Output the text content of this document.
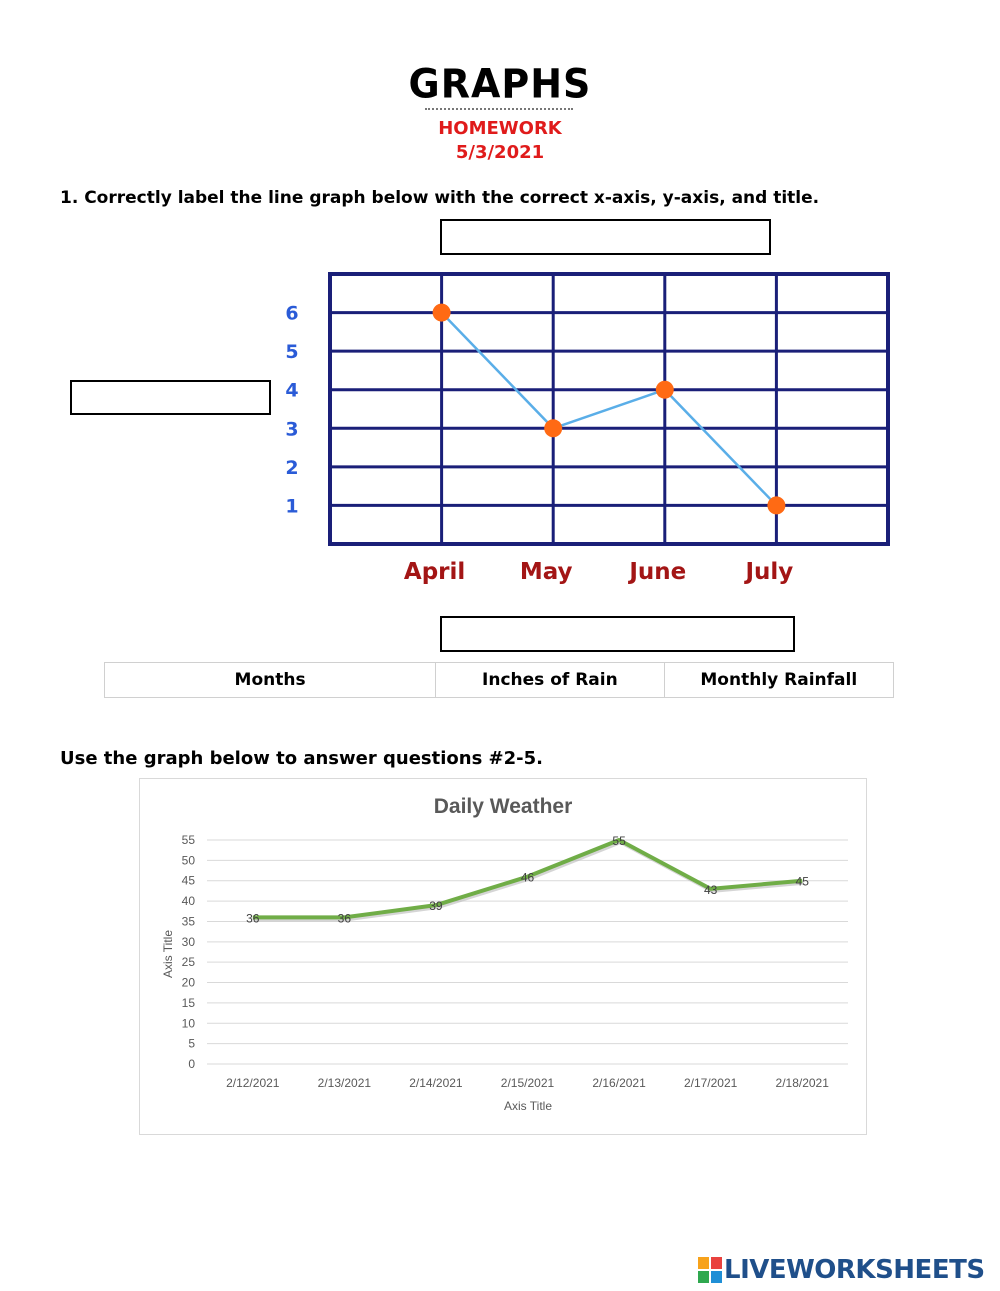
GRAPHS
HOMEWORK
5/3/2021
1. Correctly label the line graph below with the correct x-axis, y-axis, and title.
1
2
3
4
5
6
April May June	July
Months	Inches of Rain	Monthly Rainfall
Use the graph below to answer questions #2-5.
Daily Weather
0
5
10
15
20
25
30
35
40
45
50
55
2/12/2021	2/13/2021	2/14/2021	2/15/2021	2/16/2021	2/17/2021	2/18/2021
36	36
39
46
55
43
45
Axis Title
Axis Title
LIVEWORKSHEETS
